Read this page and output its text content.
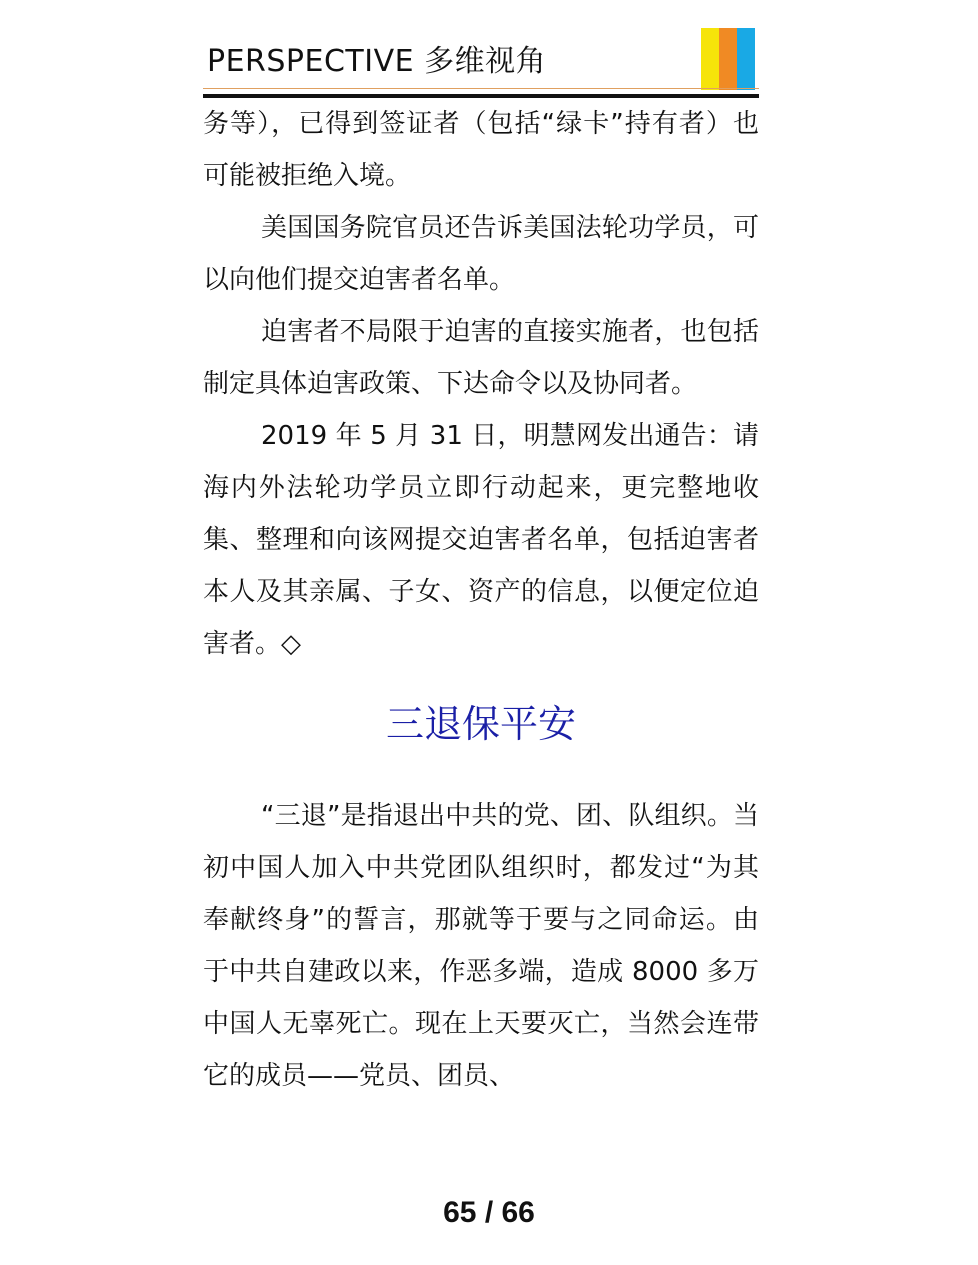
PERSPECTIVE 多维视角

务等），已得到签证者（包括“绿卡”持有者）也可能被拒绝入境。

美国国务院官员还告诉美国法轮功学员，可以向他们提交迫害者名单。

迫害者不局限于迫害的直接实施者，也包括制定具体迫害政策、下达命令以及协同者。

2019 年 5 月 31 日，明慧网发出通告：请海内外法轮功学员立即行动起来，更完整地收集、整理和向该网提交迫害者名单，包括迫害者本人及其亲属、子女、资产的信息，以便定位迫害者。◇

三退保平安

“三退”是指退出中共的党、团、队组织。当初中国人加入中共党团队组织时，都发过“为其奉献终身”的誓言，那就等于要与之同命运。由于中共自建政以来，作恶多端，造成 8000 多万中国人无辜死亡。现在上天要灭亡，当然会连带它的成员——党员、团员、

65 / 66
